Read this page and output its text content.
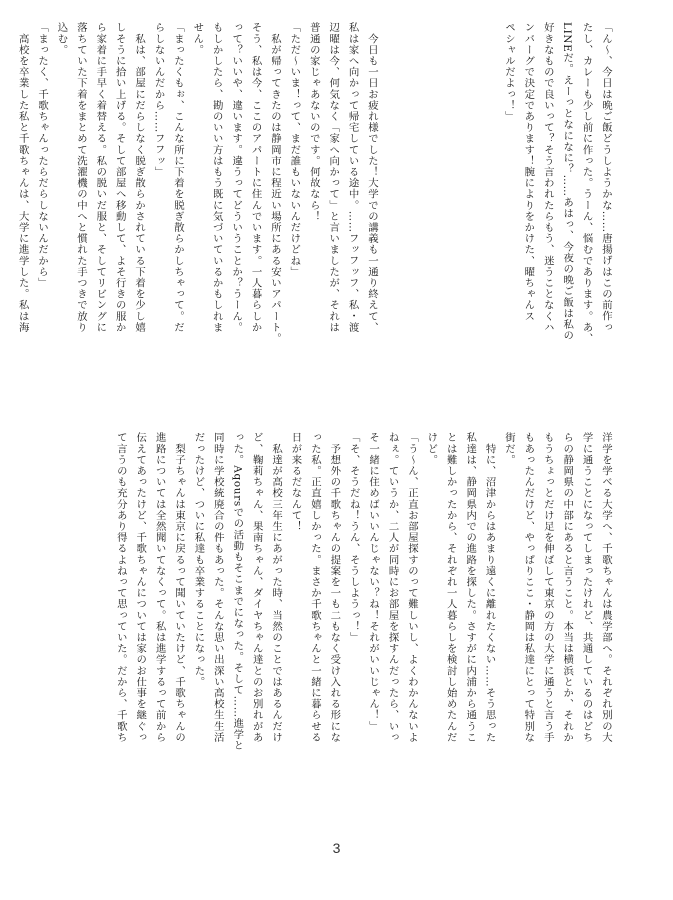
「ん～、今日は晩ご飯どうしようかな……唐揚げはこの前作っ
たし、カレーも少し前に作った。うーん、悩むであります。あ、
LINEだ。えーっとなになに？……あはっ、今夜の晩ご飯は私の
好きなもので良いって？そう言われたらもう、迷うことなくハ
ンバーグで決定であります！腕によりをかけた、曜ちゃんス
ペシャルだよっ！」
　今日も一日お疲れ様でした！大学での講義も一通り終えて、
私は家へ向かって帰宅している途中。……フッフッフ、私・渡
辺曜は今、何気なく「家へ向かって」と言いましたが、それは
普通の家じゃあないのです。何故なら！
「ただ～いま！って、まだ誰もいないんだけどね」
　私が帰ってきたのは静岡市に程近い場所にある安いアパート。
そう、私は今、ここのアパートに住んでいます。一人暮らしか
って？いいや、違います。違うってどういうことか？うーん。
もしかしたら、勘のいい方はもう既に気づいているかもしれま
せん。
「まったくもぉ、こんな所に下着を脱ぎ散らかしちゃって。だ
らしないんだから……フフッ」
　私は、部屋にだらしなく脱ぎ散らかされている下着を少し嬉
しそうに拾い上げる。そして部屋へ移動して、よそ行きの服か
ら家着に手早く着替える。私の脱いだ服と、そしてリビングに
落ちていた下着をまとめて洗濯機の中へと慣れた手つきで放り
込む。
「まったく、千歌ちゃんったらだらしないんだから」
　高校を卒業した私と千歌ちゃんは、大学に進学した。私は海
洋学を学べる大学へ、千歌ちゃんは農学部へ。それぞれ別の大
学に通うことになってしまったけれど、共通しているのはどち
らの静岡県の中部にあると言うこと。本当は横浜とか、それか
もうちょっとだけ足を伸ばして東京の方の大学に通うと言う手
もあったんだけど、やっぱりここ・静岡は私達にとって特別な
街だ。
　特に、沼津からはあまり遠くに離れたくない……そう思った
私達は、静岡県内での進路を探した。さすがに内浦から通うこ
とは難しかったから、それぞれ一人暮らしを検討し始めたんだ
けど。
「う～ん、正直お部屋探すのって難しいし、よくわかんないよ
ねぇ。ていうか、二人が同時にお部屋を探すんだったら、いっ
そ一緒に住めばいいんじゃない？ね！それがいいじゃん！」
「そ、そうだね！うん、そうしようっ！」
　予想外の千歌ちゃんの提案を一も二もなく受け入れる形にな
った私。正直嬉しかった。まさか千歌ちゃんと一緒に暮らせる
日が来るだなんて！
　私達が高校三年生にあがった時、当然のことではあるんだけ
ど、鞠莉ちゃん、果南ちゃん、ダイヤちゃん達とのお別れがあ
った。Aqoursでの活動もそこまでになった。そして……進学と
同時に学校統廃合の件もあった。そんな思い出深い高校生生活
だったけど、ついに私達も卒業することになった。
　梨子ちゃんは東京に戻るって聞いていたけど、千歌ちゃんの
進路については全然聞いてなくって。私は進学するって前から
伝えてあったけど、千歌ちゃんについては家のお仕事を継ぐっ
て言うのも充分あり得るよねって思っていた。だから、千歌ち
3
